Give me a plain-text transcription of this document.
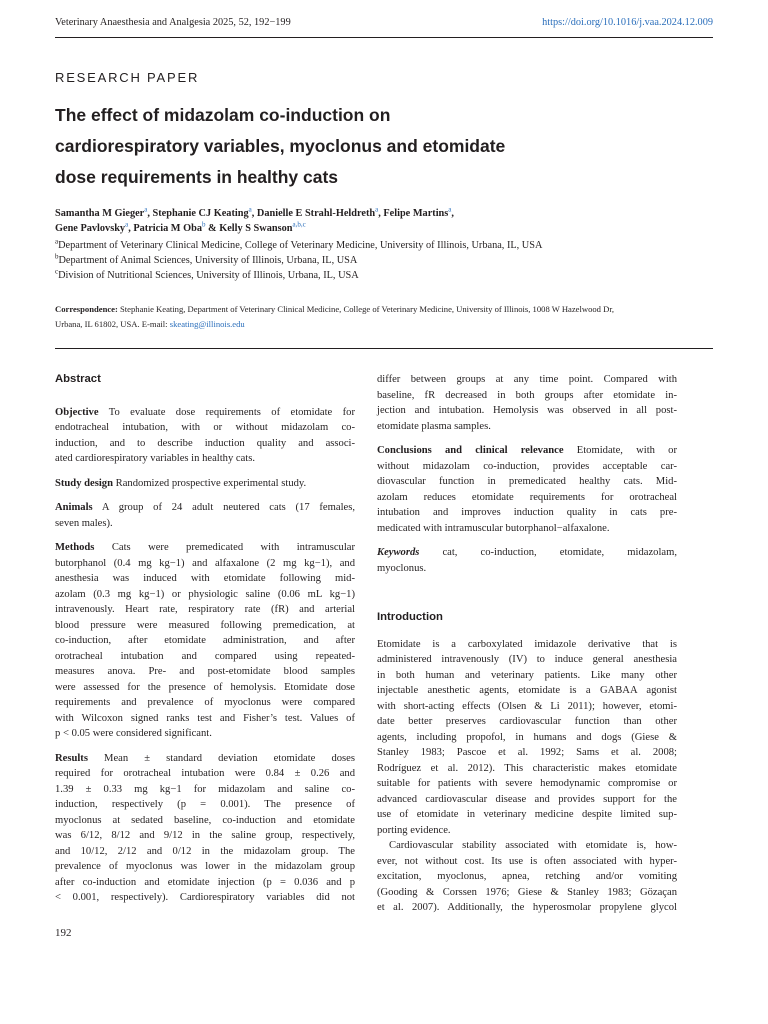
Veterinary Anaesthesia and Analgesia 2025, 52, 192−199	https://doi.org/10.1016/j.vaa.2024.12.009
RESEARCH PAPER
The effect of midazolam co-induction on
cardiorespiratory variables, myoclonus and etomidate
dose requirements in healthy cats
Samantha M Gieger$^a$, Stephanie CJ Keating$^a$, Danielle E Strahl-Heldreth$^a$, Felipe Martins$^a$,
Gene Pavlovsky$^a$, Patricia M Oba$^b$ & Kelly S Swanson$^{a,b,c}$
$^a$Department of Veterinary Clinical Medicine, College of Veterinary Medicine, University of Illinois, Urbana, IL, USA
$^b$Department of Animal Sciences, University of Illinois, Urbana, IL, USA
$^c$Division of Nutritional Sciences, University of Illinois, Urbana, IL, USA
Correspondence: Stephanie Keating, Department of Veterinary Clinical Medicine, College of Veterinary Medicine, University of Illinois, 1008 W Hazelwood Dr,
Urbana, IL 61802, USA. E-mail: skeating@illinois.edu
Abstract
Objective To evaluate dose requirements of etomidate for
endotracheal intubation, with or without midazolam co-
induction, and to describe induction quality and associ-
ated cardiorespiratory variables in healthy cats.
Study design Randomized prospective experimental study.
Animals A group of 24 adult neutered cats (17 females,
seven males).
Methods Cats were premedicated with intramuscular
butorphanol (0.4 mg kg−1) and alfaxalone (2 mg kg−1), and
anesthesia was induced with etomidate following mid-
azolam (0.3 mg kg−1) or physiologic saline (0.06 mL kg−1)
intravenously. Heart rate, respiratory rate (fR) and arterial
blood pressure were measured following premedication, at
co-induction, after etomidate administration, and after
orotracheal intubation and compared using repeated-
measures anova. Pre- and post-etomidate blood samples
were assessed for the presence of hemolysis. Etomidate dose
requirements and prevalence of myoclonus were compared
with Wilcoxon signed ranks test and Fisher’s test. Values of
p < 0.05 were considered significant.
Results Mean ± standard deviation etomidate doses
required for orotracheal intubation were 0.84 ± 0.26 and
1.39 ± 0.33 mg kg−1 for midazolam and saline co-
induction, respectively (p = 0.001). The presence of
myoclonus at sedated baseline, co-induction and etomidate
was 6/12, 8/12 and 9/12 in the saline group, respectively,
and 10/12, 2/12 and 0/12 in the midazolam group. The
prevalence of myoclonus was lower in the midazolam group
after co-induction and etomidate injection (p = 0.036 and p
< 0.001, respectively). Cardiorespiratory variables did not
differ between groups at any time point. Compared with
baseline, fR decreased in both groups after etomidate in-
jection and intubation. Hemolysis was observed in all post-
etomidate plasma samples.
Conclusions and clinical relevance Etomidate, with or
without midazolam co-induction, provides acceptable car-
diovascular function in premedicated healthy cats. Mid-
azolam reduces etomidate requirements for orotracheal
intubation and improves induction quality in cats pre-
medicated with intramuscular butorphanol−alfaxalone.
Keywords cat, co-induction, etomidate, midazolam,
myoclonus.
Introduction
Etomidate is a carboxylated imidazole derivative that is
administered intravenously (IV) to induce general anesthesia
in both human and veterinary patients. Like many other
injectable anesthetic agents, etomidate is a GABAA agonist
with short-acting effects (Olsen & Li 2011); however, etomi-
date better preserves cardiovascular function than other
agents, including propofol, in humans and dogs (Giese &
Stanley 1983; Pascoe et al. 1992; Sams et al. 2008;
Rodríguez et al. 2012). This characteristic makes etomidate
suitable for patients with severe hemodynamic compromise or
advanced cardiovascular disease and provides support for the
use of etomidate in veterinary medicine despite limited sup-
porting evidence.
Cardiovascular stability associated with etomidate is, how-
ever, not without cost. Its use is often associated with hyper-
excitation, myoclonus, apnea, retching and/or vomiting
(Gooding & Corssen 1976; Giese & Stanley 1983; Gözaçan
et al. 2007). Additionally, the hyperosmolar propylene glycol
192
